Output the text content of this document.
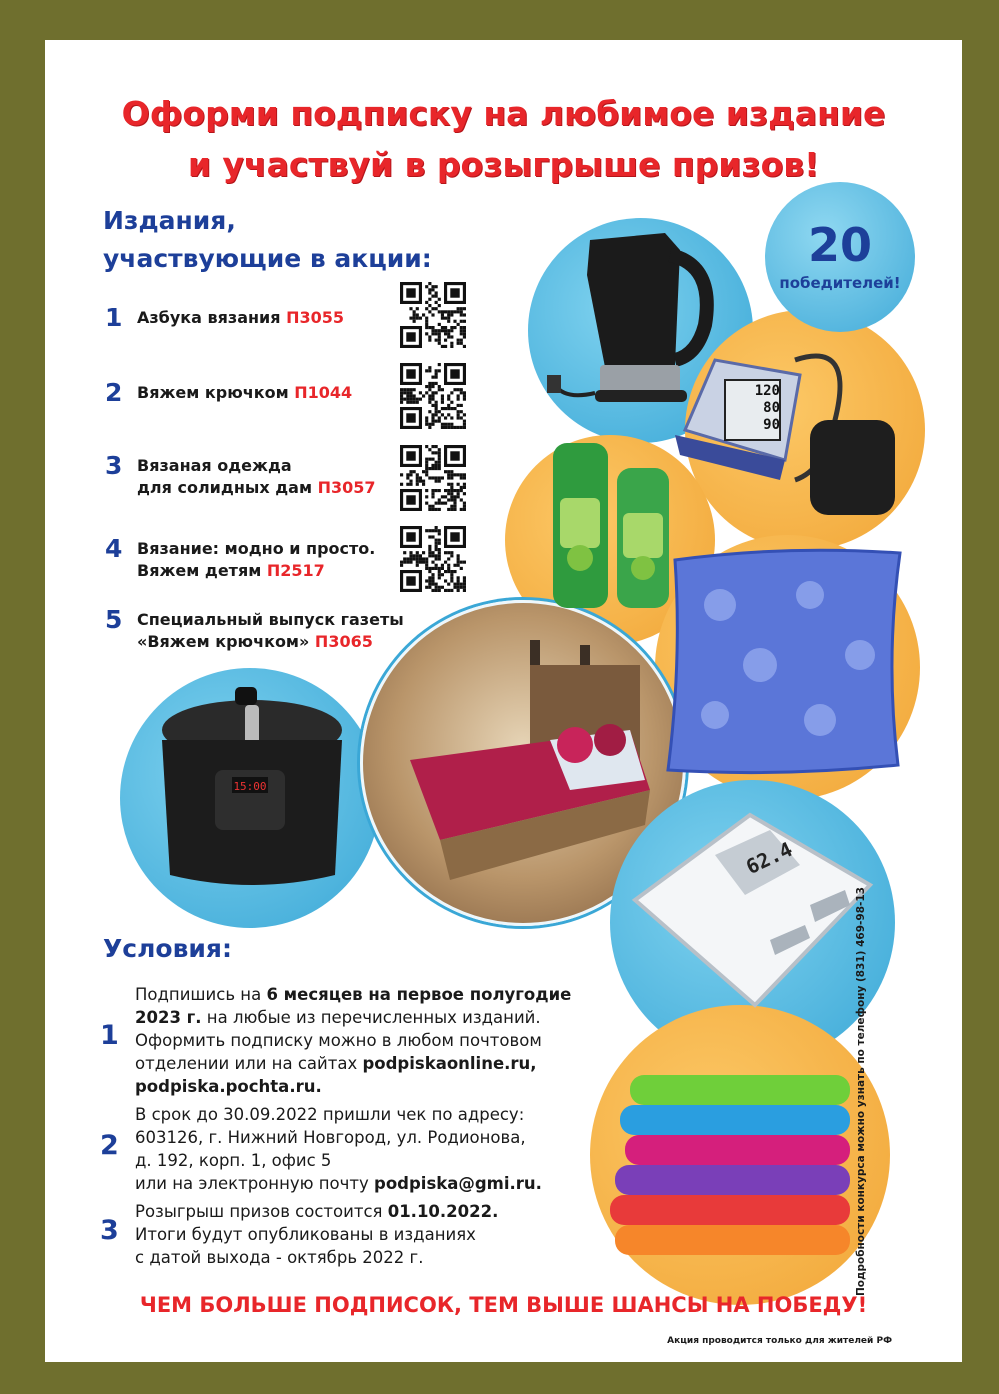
Оформи подписку на любимое издание
и участвуй в розыгрыше призов!
20
победителей!
120
80
90
15:00
62.4
Издания,
участвующие в акции:
1 Азбука вязания П3055
2 Вяжем крючком П1044
3 Вязаная одежда
для солидных дам П3057
4 Вязание: модно и просто.
Вяжем детям П2517
5 Специальный выпуск газеты
«Вяжем крючком» П3065
Условия:
1
Подпишись на 6 месяцев на первое полугодие
2023 г. на любые из перечисленных изданий.
Оформить подписку можно в любом почтовом
отделении или на сайтах podpiskaonline.ru,
podpiska.pochta.ru.
2
В срок до 30.09.2022 пришли чек по адресу:
603126, г. Нижний Новгород, ул. Родионова,
д. 192, корп. 1, офис 5
или на электронную почту podpiska@gmi.ru.
3
Розыгрыш призов состоится 01.10.2022.
Итоги будут опубликованы в изданиях
с датой выхода - октябрь 2022 г.
ЧЕМ БОЛЬШЕ ПОДПИСОК, ТЕМ ВЫШЕ ШАНСЫ НА ПОБЕДУ!
Акция проводится только для жителей РФ
Подробности конкурса можно узнать по телефону (831) 469-98-13
